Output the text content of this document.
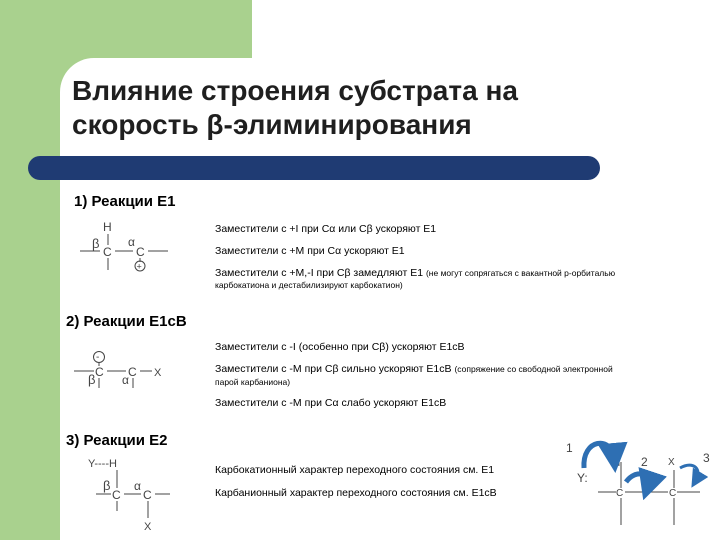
Влияние строения субстрата на
скорость β-элиминирования
1) Реакции Е1
H
β α
C C
+
Заместители с +I при Сα или Сβ ускоряют Е1
Заместители с +М при Сα ускоряют Е1
Заместители с +М,-I при Сβ замедляют Е1 (не могут сопрягаться с вакантной р-орбиталью
карбокатиона и дестабилизируют карбокатион)
2) Реакции Е1сВ
-
C C X
β α
Заместители с -I (особенно при Сβ) ускоряют Е1сВ
Заместители с -М при Сβ сильно ускоряют Е1сВ (сопряжение со свободной электронной
парой карбаниона)
Заместители с -М при Сα слабо ускоряют Е1сВ
3) Реакции Е2
Y----H
β α
C C
X
Карбокатионный характер переходного состояния см. Е1
Карбанионный характер переходного состояния см. Е1сВ
1
2	3
Y:
H	X
C	C
